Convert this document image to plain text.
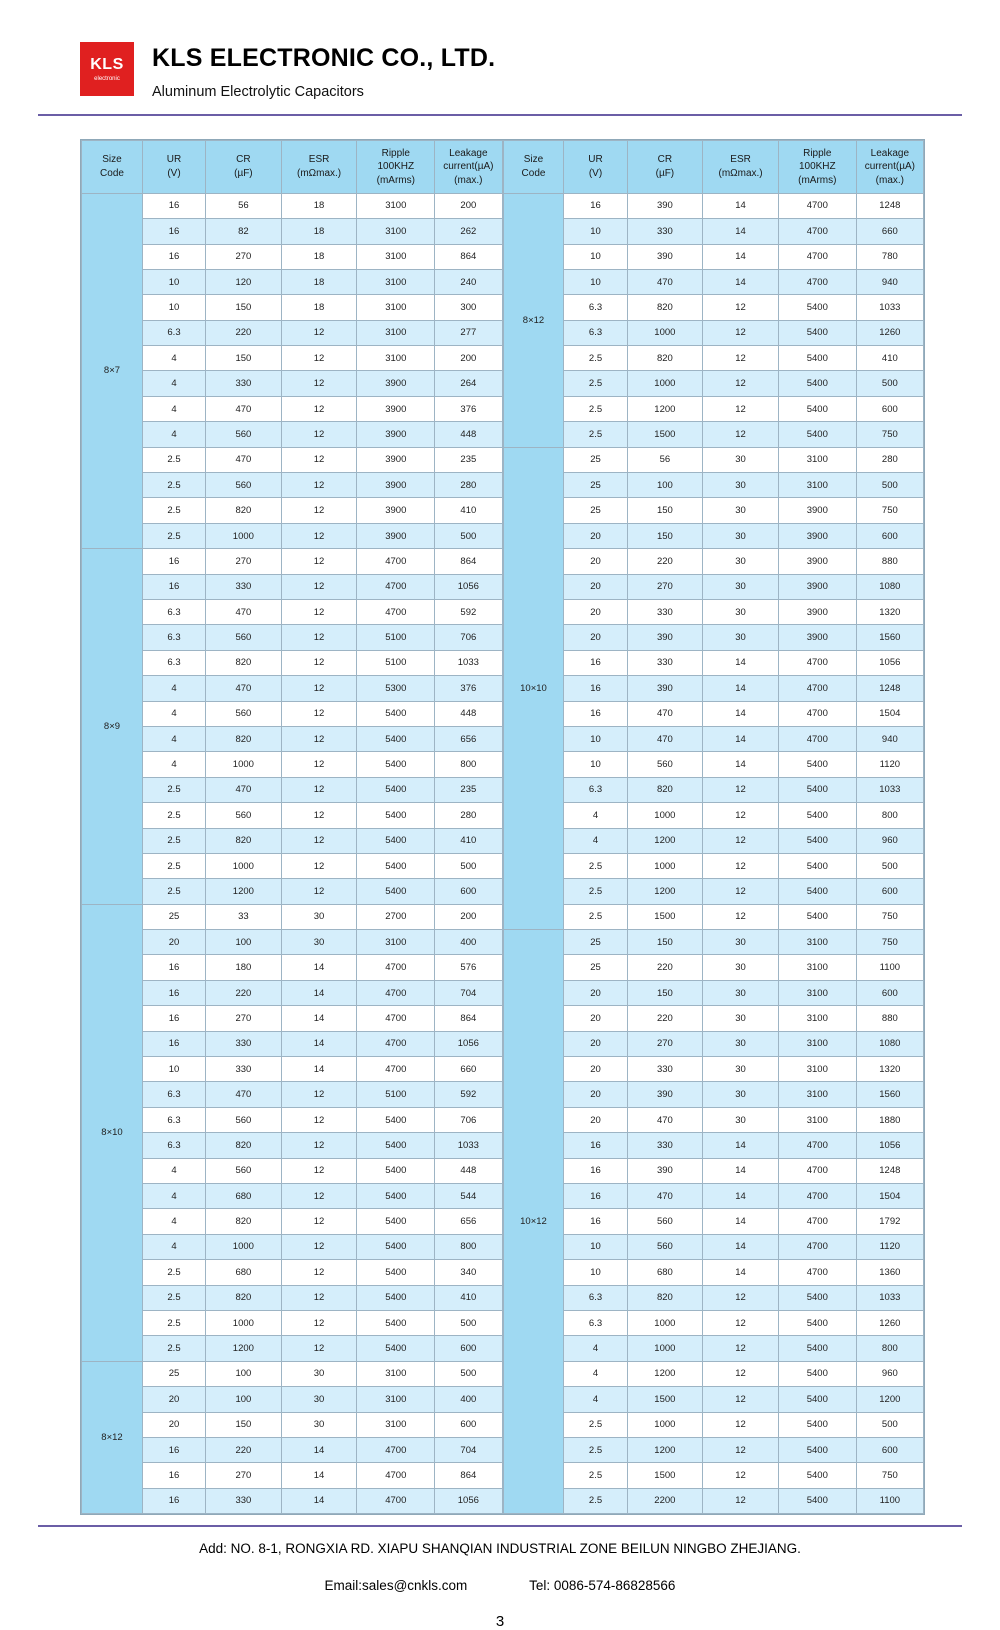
KLS
electronic
KLS ELECTRONIC CO., LTD.
Aluminum Electrolytic Capacitors
Size
Code

UR
(V)

CR
(µF)

ESR
(mΩmax.)

Ripple
100KHZ
(mArms)

Leakage
current(µA)
(max.)

8×7	16	56	18	3100	200
	16	82	18	3100	262
	16	270	18	3100	864
	10	120	18	3100	240
	10	150	18	3100	300
	6.3	220	12	3100	277
	4	150	12	3100	200
	4	330	12	3900	264
	4	470	12	3900	376
	4	560	12	3900	448
	2.5	470	12	3900	235
	2.5	560	12	3900	280
	2.5	820	12	3900	410
	2.5	1000	12	3900	500
8×9	16	270	12	4700	864
	16	330	12	4700	1056
	6.3	470	12	4700	592
	6.3	560	12	5100	706
	6.3	820	12	5100	1033
	4	470	12	5300	376
	4	560	12	5400	448
	4	820	12	5400	656
	4	1000	12	5400	800
	2.5	470	12	5400	235
	2.5	560	12	5400	280
	2.5	820	12	5400	410
	2.5	1000	12	5400	500
	2.5	1200	12	5400	600
8×10	25	33	30	2700	200
	20	100	30	3100	400
	16	180	14	4700	576
	16	220	14	4700	704
	16	270	14	4700	864
	16	330	14	4700	1056
	10	330	14	4700	660
	6.3	470	12	5100	592
	6.3	560	12	5400	706
	6.3	820	12	5400	1033
	4	560	12	5400	448
	4	680	12	5400	544
	4	820	12	5400	656
	4	1000	12	5400	800
	2.5	680	12	5400	340
	2.5	820	12	5400	410
	2.5	1000	12	5400	500
	2.5	1200	12	5400	600
8×12	25	100	30	3100	500
	20	100	30	3100	400
	20	150	30	3100	600
	16	220	14	4700	704
	16	270	14	4700	864
	16	330	14	4700	1056
Size
Code

UR
(V)

CR
(µF)

ESR
(mΩmax.)

Ripple
100KHZ
(mArms)

Leakage
current(µA)
(max.)

8×12	16	390	14	4700	1248
	10	330	14	4700	660
	10	390	14	4700	780
	10	470	14	4700	940
	6.3	820	12	5400	1033
	6.3	1000	12	5400	1260
	2.5	820	12	5400	410
	2.5	1000	12	5400	500
	2.5	1200	12	5400	600
	2.5	1500	12	5400	750
10×10	25	56	30	3100	280
	25	100	30	3100	500
	25	150	30	3900	750
	20	150	30	3900	600
	20	220	30	3900	880
	20	270	30	3900	1080
	20	330	30	3900	1320
	20	390	30	3900	1560
	16	330	14	4700	1056
	16	390	14	4700	1248
	16	470	14	4700	1504
	10	470	14	4700	940
	10	560	14	5400	1120
	6.3	820	12	5400	1033
	4	1000	12	5400	800
	4	1200	12	5400	960
	2.5	1000	12	5400	500
	2.5	1200	12	5400	600
	2.5	1500	12	5400	750
10×12	25	150	30	3100	750
	25	220	30	3100	1100
	20	150	30	3100	600
	20	220	30	3100	880
	20	270	30	3100	1080
	20	330	30	3100	1320
	20	390	30	3100	1560
	20	470	30	3100	1880
	16	330	14	4700	1056
	16	390	14	4700	1248
	16	470	14	4700	1504
	16	560	14	4700	1792
	10	560	14	4700	1120
	10	680	14	4700	1360
	6.3	820	12	5400	1033
	6.3	1000	12	5400	1260
	4	1000	12	5400	800
	4	1200	12	5400	960
	4	1500	12	5400	1200
	2.5	1000	12	5400	500
	2.5	1200	12	5400	600
	2.5	1500	12	5400	750
	2.5	2200	12	5400	1100
Add: NO. 8-1, RONGXIA RD. XIAPU SHANQIAN INDUSTRIAL ZONE BEILUN NINGBO ZHEJIANG.
Email:sales@cnkls.com	Tel: 0086-574-86828566
3
